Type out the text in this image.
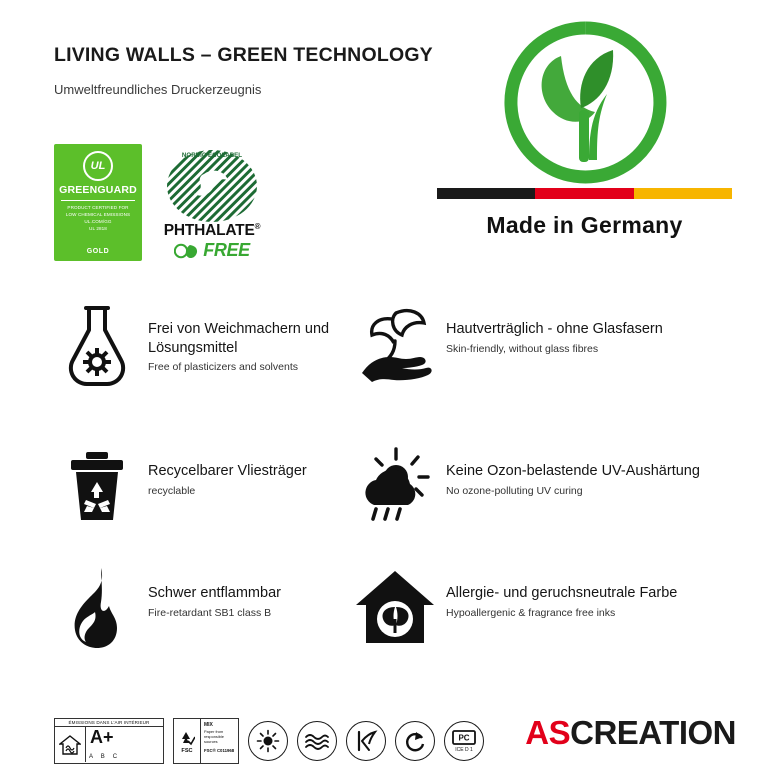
LIVING WALLS – GREEN TECHNOLOGY
Umweltfreundliches Druckerzeugnis
Made in Germany
UL
GREENGUARD
PRODUCT CERTIFIED FOR
LOW CHEMICAL EMISSIONS
UL.COM/GG
UL 2818
GOLD
NORDIC ECOLABEL
PHTHALATE®
FREE
Frei von Weichmachern und Lösungsmittel
Free of plasticizers and solvents
Hautverträglich - ohne Glasfasern
Skin-friendly, without glass fibres
Recycelbarer Vliesträger
recyclable
Keine Ozon-belastende UV-Aushärtung
No ozone-polluting UV curing
Schwer entflammbar
Fire-retardant SB1 class B
Allergie- und geruchsneutrale Farbe
Hypoallergenic & fragrance free inks
ÉMISSIONS DANS L'AIR INTÉRIEUR
A+
A B C
FSC
MIX
Paper from responsible sources
FSC® C011968
PC
ICE D 1 ASCREATION
